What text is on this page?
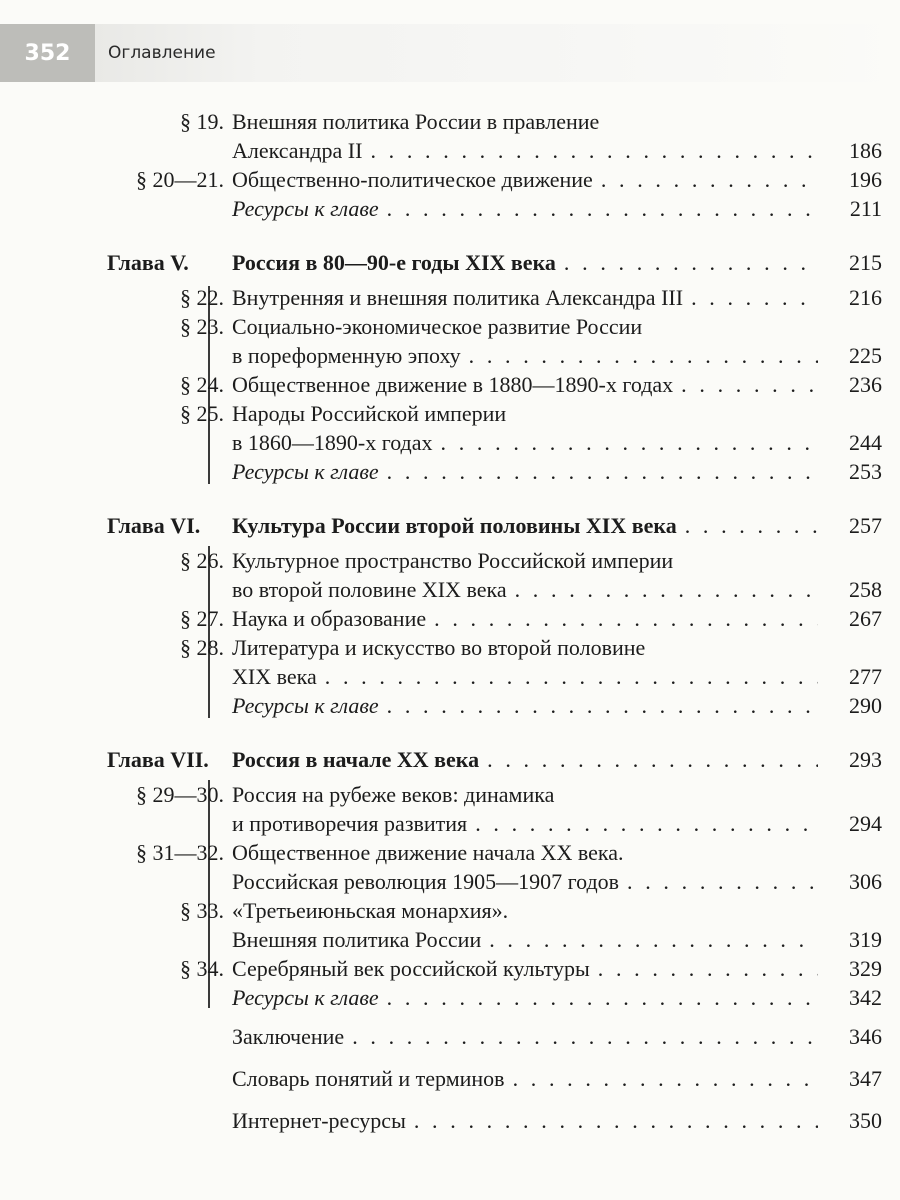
352	Оглавление
§ 19. Внешняя политика России в правление
Александра II . . .	186
§ 20—21. Общественно-политическое движение . . .	196
Ресурсы к главе . . .	211
Глава V. Россия в 80—90-е годы XIX века . . .	215
§ 22. Внутренняя и внешняя политика Александра III . . .	216
§ 23. Социально-экономическое развитие России
в пореформенную эпоху . . .	225
§ 24. Общественное движение в 1880—1890-х годах . . .	236
§ 25. Народы Российской империи
в 1860—1890-х годах . . .	244
Ресурсы к главе . . .	253
Глава VI. Культура России второй половины XIX века . . .	257
§ 26. Культурное пространство Российской империи
во второй половине XIX века . . .	258
§ 27. Наука и образование . . .	267
§ 28. Литература и искусство во второй половине
XIX века . . .	277
Ресурсы к главе . . .	290
Глава VII. Россия в начале XX века . . .	293
§ 29—30. Россия на рубеже веков: динамика
и противоречия развития . . .	294
§ 31—32. Общественное движение начала XX века.
Российская революция 1905—1907 годов . . .	306
§ 33. «Третьеиюньская монархия».
Внешняя политика России . . .	319
§ 34. Серебряный век российской культуры . . .	329
Ресурсы к главе . . .	342
Заключение . . .	346
Словарь понятий и терминов . . .	347
Интернет-ресурсы . . .	350
